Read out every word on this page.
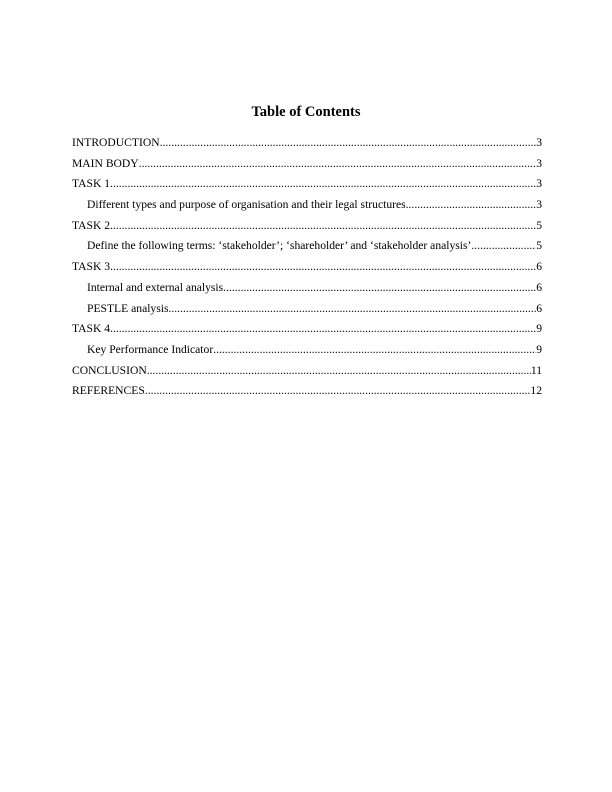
Table of Contents
INTRODUCTION .....	3
MAIN BODY .....	3
TASK 1 .....	3
Different types and purpose of organisation and their legal structures. .....	3
TASK 2 .....	5
Define the following terms: ‘stakeholder’; ‘shareholder’ and ‘stakeholder analysis’. .....	5
TASK 3 .....	6
Internal and external analysis .....	6
PESTLE analysis .....	6
TASK 4 .....	9
Key Performance Indicator .....	9
CONCLUSION .....	11
REFERENCES .....	12
